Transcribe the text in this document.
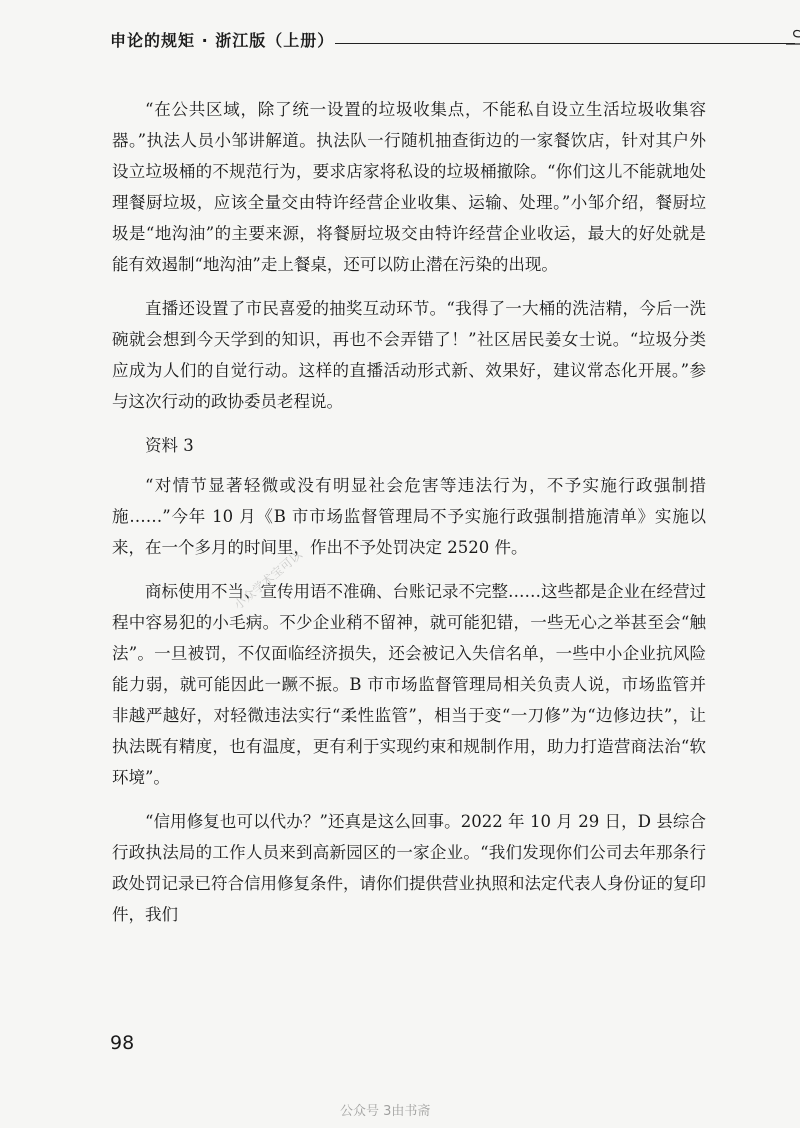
申论的规矩 · 浙江版（上册）

“在公共区域，除了统一设置的垃圾收集点，不能私自设立生活垃圾收集容器。”执法人员小邹讲解道。执法队一行随机抽查街边的一家餐饮店，针对其户外设立垃圾桶的不规范行为，要求店家将私设的垃圾桶撤除。“你们这儿不能就地处理餐厨垃圾，应该全量交由特许经营企业收集、运输、处理。”小邹介绍，餐厨垃圾是“地沟油”的主要来源，将餐厨垃圾交由特许经营企业收运，最大的好处就是能有效遏制“地沟油”走上餐桌，还可以防止潜在污染的出现。

直播还设置了市民喜爱的抽奖互动环节。“我得了一大桶的洗洁精，今后一洗碗就会想到今天学到的知识，再也不会弄错了！”社区居民姜女士说。“垃圾分类应成为人们的自觉行动。这样的直播活动形式新、效果好，建议常态化开展。”参与这次行动的政协委员老程说。

资料 3

“对情节显著轻微或没有明显社会危害等违法行为，不予实施行政强制措施……”今年 10 月《B 市市场监督管理局不予实施行政强制措施清单》实施以来，在一个多月的时间里，作出不予处罚决定 2520 件。

商标使用不当、宣传用语不准确、台账记录不完整……这些都是企业在经营过程中容易犯的小毛病。不少企业稍不留神，就可能犯错，一些无心之举甚至会“触法”。一旦被罚，不仅面临经济损失，还会被记入失信名单，一些中小企业抗风险能力弱，就可能因此一蹶不振。B 市市场监督管理局相关负责人说，市场监管并非越严越好，对轻微违法实行“柔性监管”，相当于变“一刀修”为“边修边扶”，让执法既有精度，也有温度，更有利于实现约束和规制作用，助力打造营商法治“软环境”。

“信用修复也可以代办？”还真是这么回事。2022 年 10 月 29 日，D 县综合行政执法局的工作人员来到高新园区的一家企业。“我们发现你们公司去年那条行政处罚记录已符合信用修复条件，请你们提供营业执照和法定代表人身份证的复印件，我们

小众学术宝可以
98
公众号 3由书斋
